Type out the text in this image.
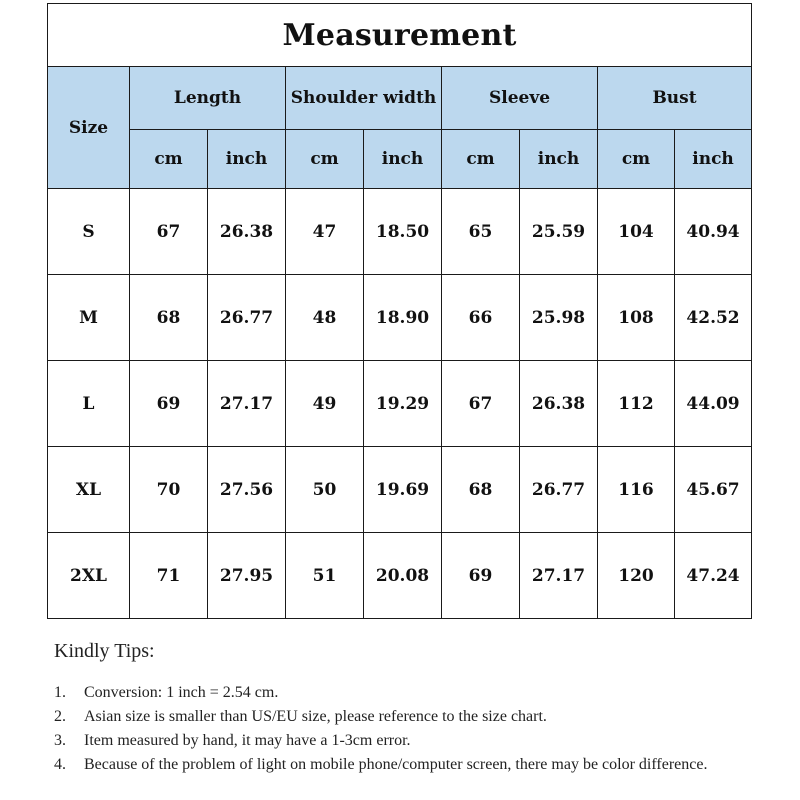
Measurement								
Size	Length		Shoulder width		Sleeve		Bust	
	cm	inch	cm	inch	cm	inch	cm	inch
S	67	26.38	47	18.50	65	25.59	104	40.94
M	68	26.77	48	18.90	66	25.98	108	42.52
L	69	27.17	49	19.29	67	26.38	112	44.09
XL	70	27.56	50	19.69	68	26.77	116	45.67
2XL	71	27.95	51	20.08	69	27.17	120	47.24
Kindly Tips:
1.	Conversion: 1 inch = 2.54 cm.
2.	Asian size is smaller than US/EU size, please reference to the size chart.
3.	Item measured by hand, it may have a 1-3cm error.
4.	Because of the problem of light on mobile phone/computer screen, there may be color difference.
